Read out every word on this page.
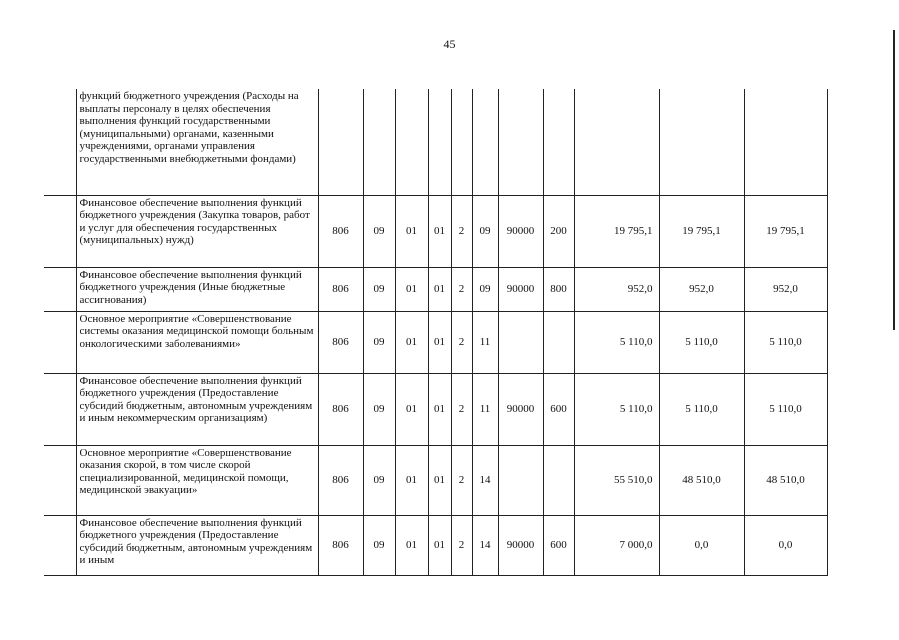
45
	функций бюджетного учреждения (Расходы на выплаты персоналу в целях обеспечения выполнения функций государственными (муниципальными) органами, казенными учреждениями, органами управления государственными внебюджетными фондами)											
	Финансовое обеспечение выполнения функций бюджетного учреждения (Закупка товаров, работ и услуг для обеспечения государственных (муниципальных) нужд)	806	09	01	01	2	09	90000	200	19 795,1	19 795,1	19 795,1
	Финансовое обеспечение выполнения функций бюджетного учреждения (Иные бюджетные ассигнования)	806	09	01	01	2	09	90000	800	952,0	952,0	952,0
	Основное мероприятие «Совершенствование системы оказания медицинской помощи больным онкологическими заболеваниями»	806	09	01	01	2	11			5 110,0	5 110,0	5 110,0
	Финансовое обеспечение выполнения функций бюджетного учреждения (Предоставление субсидий бюджетным, автономным учреждениям и иным некоммерческим организациям)	806	09	01	01	2	11	90000	600	5 110,0	5 110,0	5 110,0
	Основное мероприятие «Совершенствование оказания скорой, в том числе скорой специализированной, медицинской помощи, медицинской эвакуации»	806	09	01	01	2	14			55 510,0	48 510,0	48 510,0
	Финансовое обеспечение выполнения функций бюджетного учреждения (Предоставление субсидий бюджетным, автономным учреждениям и иным	806	09	01	01	2	14	90000	600	7 000,0	0,0	0,0
